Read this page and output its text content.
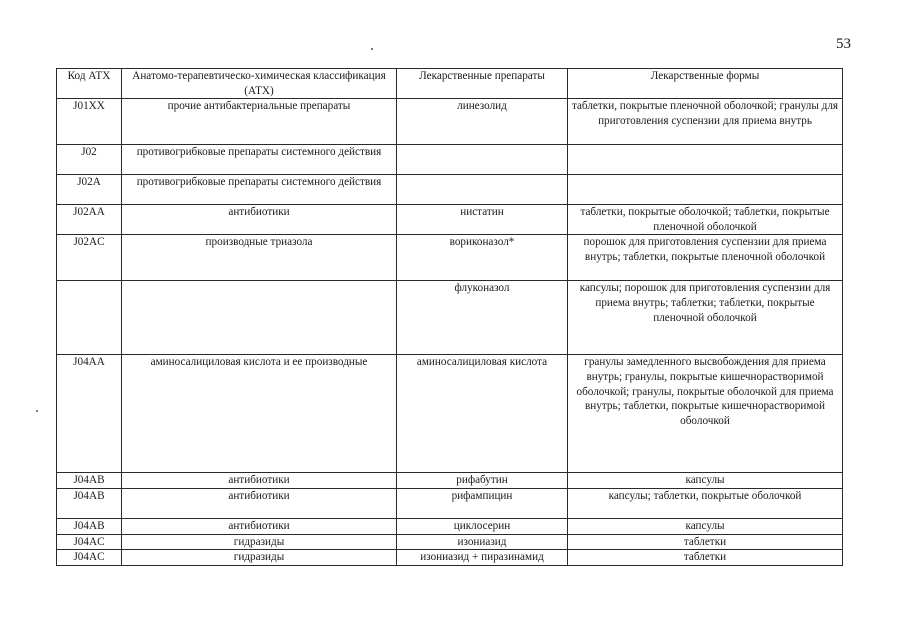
53
Код АТХ	Анатомо-терапевтическо-химическая классификация (АТХ)	Лекарственные препараты	Лекарственные формы
J01XX	прочие антибактериальные препараты	линезолид	таблетки, покрытые пленочной оболочкой; гранулы для приготовления суспензии для приема внутрь
J02	противогрибковые препараты системного действия		
J02A	противогрибковые препараты системного действия		
J02AA	антибиотики	нистатин	таблетки, покрытые оболочкой; таблетки, покрытые пленочной оболочкой
J02AC	производные триазола	вориконазол*	порошок для приготовления суспензии для приема внутрь; таблетки, покрытые пленочной оболочкой
		флуконазол	капсулы; порошок для приготовления суспензии для приема внутрь; таблетки; таблетки, покрытые пленочной оболочкой
J04AA	аминосалициловая кислота и ее производные	аминосалициловая кислота	гранулы замедленного высвобождения для приема внутрь; гранулы, покрытые кишечнорастворимой оболочкой; гранулы, покрытые оболочкой для приема внутрь; таблетки, покрытые кишечнорастворимой оболочкой
J04AB	антибиотики	рифабутин	капсулы
J04AB	антибиотики	рифампицин	капсулы; таблетки, покрытые оболочкой
J04AB	антибиотики	циклосерин	капсулы
J04AC	гидразиды	изониазид	таблетки
J04AC	гидразиды	изониазид + пиразинамид	таблетки
